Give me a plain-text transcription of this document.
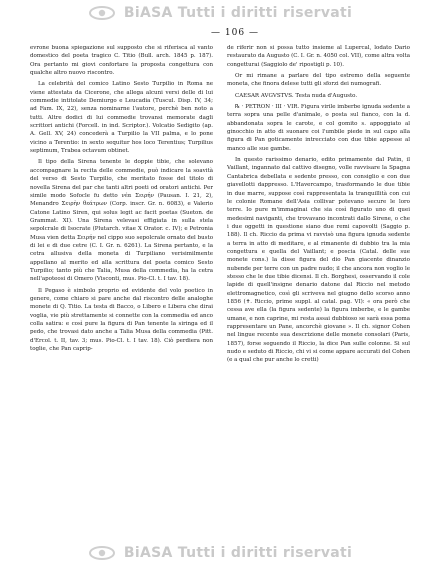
BiASA Tutti i diritti riservati
— 106 —

evrone buona spiegazione sul supposto che si riferisca al vanto domestico del poeta tragico C. Titio (Bull. arch. 1845 p. 187). Ora pertanto mi giovi confortare la proposta congettura con qualche altro nuovo riscontro.

La celebrità del comico Latino Sesto Turpilio in Roma ne viene attestata da Cicerone, che allega alcuni versi delle di lui commedie intitolate Demiurgo e Leucadia (Tuscul. Disp. IV, 34; ad Fam. IX, 22), senza nominarne l'autore, perchè ben noto a tutti. Altre dodici di lui commedie trovansi memorate dagli scrittori antichi (Forcell. in ind. Scriptor.). Volcatio Sedigito (ap. A. Gell. XV, 24) concederà a Turpilio la VII palma, e lo pone vicino a Terentio: in sexto sequitur hos loco Terentius; Turpilius septimum, Trabea octavum obtinet.

Il tipo della Sirena tenente le doppie tibie, che solevano accompagnare la recita delle commedie, può indicare la soavità del verso di Sesto Turpilio, che meritato fosse del titolo di novella Sirena del par che tanti altri poeti od oratori antichi. Per simile modo Sofocle fu detto νέα Σειρήν (Pausan. I. 21, 2), Menandro Σειρὴν θεάτρων (Corp. inscr. Gr. n. 6083), e Valerio Catone Latino Siren, qui solus legit ac facit poetas (Sueton. de Grammat. XI). Una Sirena velevasi effigiata in sulla stela sepolcrale di Isocrate (Plutarch. vitae X Orator. c. IV); e Petronia Musa vien detta Σειρήν nel cippo suo sepolcrale ornato del busto di lei e di due cetre (C. I. Gr. n. 6261). La Sirena pertanto, e la cetra allusiva della moneta di Turpiliano verisimilmente appellano al merito ed alla scrittura del poeta comico Sesto Turpilio; tanto più che Talia, Musa della commedia, ha la cetra nell'apoteosi di Omero (Visconti, mus. Pio-Cl. t. I tav. 18).

Il Pegaso è simbolo proprio ed evidente del volo poetico in genere, come chiaro si pare anche dal riscontro delle analoghe monete di Q. Titio. La testa di Bacco, o Libero e Libera che dirai voglia, vie più strettamente si connette con la commedia ed anco colla satira: e così pure la figura di Pan tenente la siringa ed il pedo, che trovasi dato anche a Talia Musa della commedia (Pitt. d'Ercol. t. II, tav. 3; mus. Pio-Cl. t. I tav. 18). Ciò perdiera non toglie, che Pan caprip-

de riferir non si possa tutto insieme al Lupercal, lodato Dario restaurato da Augusto (C. I. Gr. n. 4050 col. VII), come altra volta congetturai (Saggiolo de' ripostigli p. 10).

Or mi rimane a parlare del tipo estremo della seguente moneta, che finora delese tutti gli sforzi dei numografi.

CAESAR AVGVSTVS. Testa nuda d'Augusto.

℞ · PETRON · III · VIR. Figura virile imberbe ignuda sedente a terra sopra una pelle d'animale, o posta sul fianco, con la d. abbandonata sopra le carote, e col gomito s. appoggiato al ginocchio in atto di suonare coi l'umbile piede in sul capo alla figura di Pan goticamente intrecciato con due tibie appesse al manco alle sue gambe.

In questo rarissimo denario, edito primamente dal Patin, il Vaillant, ingannato dal cattivo disegno, volle ravvisare la Spagna Cantabrica debellata e sedente presso, con consiglio e con due giavellotti dappresso. L'Havercampo, trasformando le due tibie in due marre, suppose così rappresentata la tranquillità con cui le colonie Romane dell'Asia collivar potevano secure le loro terre. Io pure m'immaginai che sia così figurato uno di quei medesimi naviganti, che trovavano incontrati dallo Sirene, o che i due oggetti in questione siano due remi capovolti (Saggio p. 188). Il ch. Riccio da prima vi ravvisò una figura ignuda sedente a terra in atto di meditare, e al rimanente di dubbio tra la mia congettura e quella del Vaillant; e poscia (Catal. delle sue monete cons.) la disse figura del dio Pan giacente dinanzio nubende per terre con un padre nudo; il che ancora non voglio le stesso che le due tibie dicensi. Il ch. Borghesi, osservando il cole lapide di quell'insigne denario datone dal Riccio nel metodo elettromagnetico, così gli scriveva nel giugno dello scorso anno 1856 (✝. Riccio, prime suppl. al catal. pag. VI): « ora però che cessa ave ella (la figura sedente) la figura imberbe, e le gambe umane, e non caprine, mi resta assai dubbioso se sarà essa poma rappresentare un Pane, ancorchè giovane ». Il ch. signor Cohen nel lingue recente sua descrizione delle monete consolari (Paris, 1857), forse seguendo il Riccio, la dice Pan sulle colonne. Si sul nudo e seduto di Riccio, chi vi si come appare accurati del Cohen (e a qual che pur anche lo cretti)

BiASA Tutti i diritti riservati
